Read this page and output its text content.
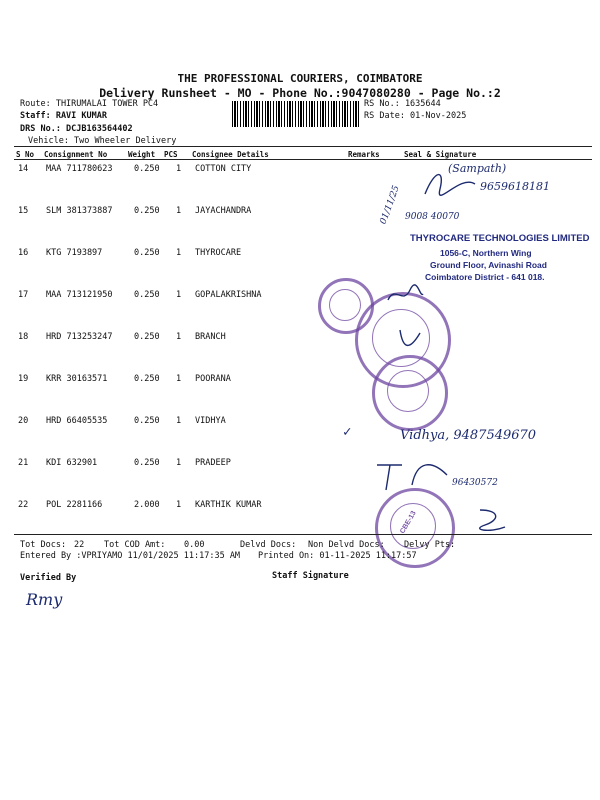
THE PROFESSIONAL COURIERS, COIMBATORE
Delivery Runsheet - MO - Phone No.:9047080280 - Page No.:2
Route: THIRUMALAI TOWER PC4
Staff: RAVI KUMAR
DRS No.: DCJB163564402
Vehicle: Two Wheeler Delivery
RS No.: 1635644
RS Date: 01-Nov-2025
S No Consignment No	Weight PCS Consignee Details	Remarks	Seal & Signature
14 MAA 711780623	0.250 1 COTTON CITY
15 SLM 381373887	0.250 1 JAYACHANDRA
16 KTG 7193897	0.250 1 THYROCARE
17 MAA 713121950	0.250 1 GOPALAKRISHNA
18 HRD 713253247	0.250 1 BRANCH
19 KRR 30163571	0.250 1 POORANA
20 HRD 66405535	0.250 1 VIDHYA
21 KDI 632901	0.250 1 PRADEEP
22 POL 2281166	2.000 1 KARTHIK KUMAR
(Sampath)
9659618181
01/11/25 9008 40070
THYROCARE TECHNOLOGIES LIMITED
1056-C, Northern Wing
Ground Floor, Avinashi Road
Coimbatore District - 641 018.
CBE-13
✓	Vidhya, 9487549670
96430572
Tot Docs: 22 Tot COD Amt: 0.00	Delvd Docs: Non Delvd Docs: Delvy Pts:
Entered By :VPRIYAMO 11/01/2025 11:17:35 AM Printed On: 01-11-2025 11:17:57
Verified By	Staff Signature
Rmy
